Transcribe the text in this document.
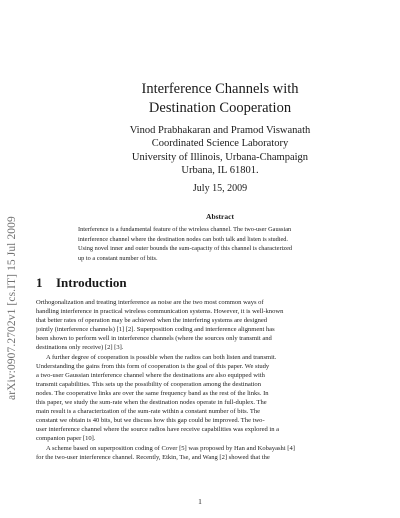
arXiv:0907.2702v1 [cs.IT] 15 Jul 2009
Interference Channels with
Destination Cooperation
Vinod Prabhakaran and Pramod Viswanath
Coordinated Science Laboratory
University of Illinois, Urbana-Champaign
Urbana, IL 61801.
July 15, 2009
Abstract
Interference is a fundamental feature of the wireless channel. The two-user Gaussian
interference channel where the destination nodes can both talk and listen is studied.
Using novel inner and outer bounds the sum-capacity of this channel is characterized
up to a constant number of bits.
1 Introduction
Orthogonalization and treating interference as noise are the two most common ways of
handling interference in practical wireless communication systems. However, it is well-known
that better rates of operation may be achieved when the interfering systems are designed
jointly (interference channels) [1] [2]. Superposition coding and interference alignment has
been shown to perform well in interference channels (where the sources only transmit and
destinations only receive) [2] [3].
A further degree of cooperation is possible when the radios can both listen and transmit.
Understanding the gains from this form of cooperation is the goal of this paper. We study
a two-user Gaussian interference channel where the destinations are also equipped with
transmit capabilities. This sets up the possibility of cooperation among the destination
nodes. The cooperative links are over the same frequency band as the rest of the links. In
this paper, we study the sum-rate when the destination nodes operate in full-duplex. The
main result is a characterization of the sum-rate within a constant number of bits. The
constant we obtain is 40 bits, but we discuss how this gap could be improved. The two-
user interference channel where the source radios have receive capabilities was explored in a
companion paper [10].
A scheme based on superposition coding of Cover [5] was proposed by Han and Kobayashi [4]
for the two-user interference channel. Recently, Etkin, Tse, and Wang [2] showed that the
1
